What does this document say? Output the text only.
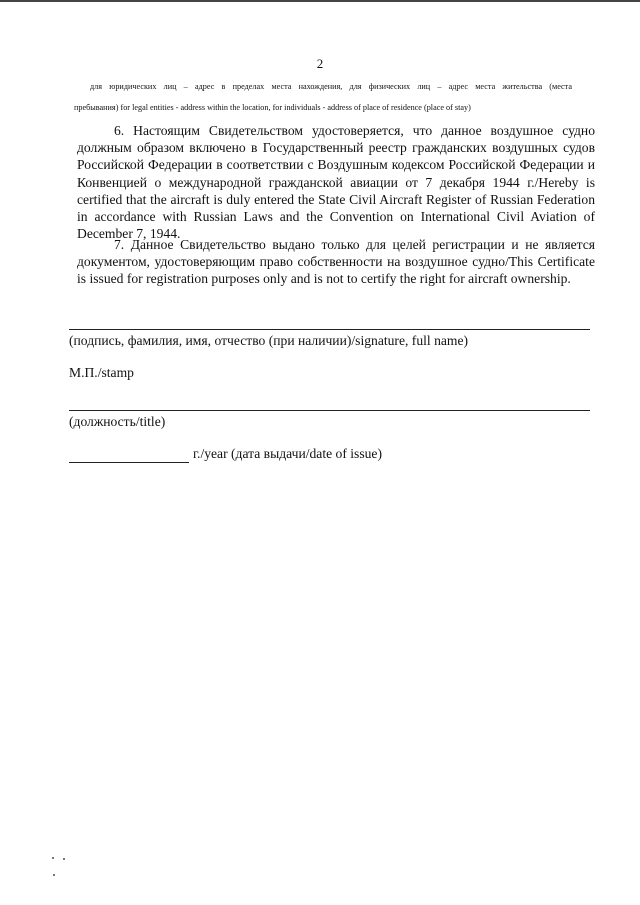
2
для юридических лиц – адрес в пределах места нахождения, для физических лиц – адрес места жительства (места
пребывания) for legal entities - address within the location, for individuals - address of place of residence (place of stay)

6. Настоящим Свидетельством удостоверяется, что данное воздушное судно должным образом включено в Государственный реестр гражданских воздушных судов Российской Федерации в соответствии с Воздушным кодексом Российской Федерации и Конвенцией о международной гражданской авиации от 7 декабря 1944 г./Hereby is certified that the aircraft is duly entered the State Civil Aircraft Register of Russian Federation in accordance with Russian Laws and the Convention on International Civil Aviation of December 7, 1944.

7. Данное Свидетельство выдано только для целей регистрации и не является документом, удостоверяющим право собственности на воздушное судно/This Certificate is issued for registration purposes only and is not to certify the right for aircraft ownership.

(подпись, фамилия, имя, отчество (при наличии)/signature, full name)
М.П./stamp
(должность/title)
г./year (дата выдачи/date of issue)
